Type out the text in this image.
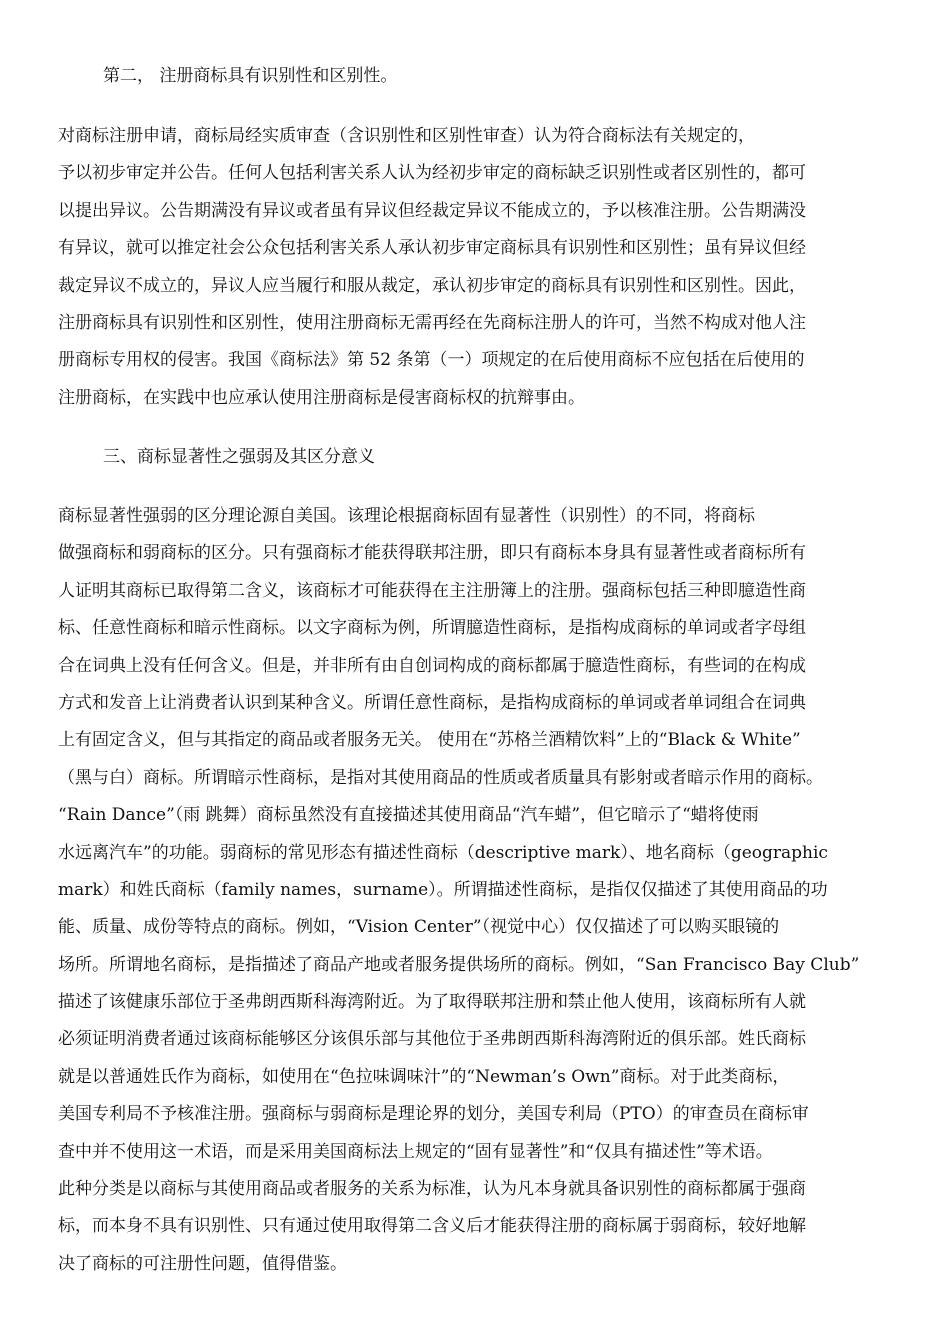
第二， 注册商标具有识别性和区别性。
对商标注册申请，商标局经实质审查（含识别性和区别性审查）认为符合商标法有关规定的，
予以初步审定并公告。任何人包括利害关系人认为经初步审定的商标缺乏识别性或者区别性的，都可
以提出异议。公告期满没有异议或者虽有异议但经裁定异议不能成立的，予以核准注册。公告期满没
有异议，就可以推定社会公众包括利害关系人承认初步审定商标具有识别性和区别性；虽有异议但经
裁定异议不成立的，异议人应当履行和服从裁定，承认初步审定的商标具有识别性和区别性。因此，
注册商标具有识别性和区别性，使用注册商标无需再经在先商标注册人的许可，当然不构成对他人注
册商标专用权的侵害。我国《商标法》第 52 条第（一）项规定的在后使用商标不应包括在后使用的
注册商标，在实践中也应承认使用注册商标是侵害商标权的抗辩事由。
三、商标显著性之强弱及其区分意义
商标显著性强弱的区分理论源自美国。该理论根据商标固有显著性（识别性）的不同，将商标
做强商标和弱商标的区分。只有强商标才能获得联邦注册，即只有商标本身具有显著性或者商标所有
人证明其商标已取得第二含义，该商标才可能获得在主注册簿上的注册。强商标包括三种即臆造性商
标、任意性商标和暗示性商标。以文字商标为例，所谓臆造性商标，是指构成商标的单词或者字母组
合在词典上没有任何含义。但是，并非所有由自创词构成的商标都属于臆造性商标，有些词的在构成
方式和发音上让消费者认识到某种含义。所谓任意性商标，是指构成商标的单词或者单词组合在词典
上有固定含义，但与其指定的商品或者服务无关。 使用在“苏格兰酒精饮料”上的“Black & White”
（黑与白）商标。所谓暗示性商标，是指对其使用商品的性质或者质量具有影射或者暗示作用的商标。
“Rain Dance”（雨 跳舞）商标虽然没有直接描述其使用商品“汽车蜡”，但它暗示了“蜡将使雨
水远离汽车”的功能。弱商标的常见形态有描述性商标（descriptive mark）、地名商标（geographic
mark）和姓氏商标（family names，surname）。所谓描述性商标，是指仅仅描述了其使用商品的功
能、质量、成份等特点的商标。例如，“Vision Center”（视觉中心）仅仅描述了可以购买眼镜的
场所。所谓地名商标，是指描述了商品产地或者服务提供场所的商标。例如，“San Francisco Bay Club”
描述了该健康乐部位于圣弗朗西斯科海湾附近。为了取得联邦注册和禁止他人使用，该商标所有人就
必须证明消费者通过该商标能够区分该俱乐部与其他位于圣弗朗西斯科海湾附近的俱乐部。姓氏商标
就是以普通姓氏作为商标，如使用在“色拉味调味汁”的“Newman’s Own”商标。对于此类商标，
美国专利局不予核准注册。强商标与弱商标是理论界的划分，美国专利局（PTO）的审查员在商标审
查中并不使用这一术语，而是采用美国商标法上规定的“固有显著性”和“仅具有描述性”等术语。
此种分类是以商标与其使用商品或者服务的关系为标准，认为凡本身就具备识别性的商标都属于强商
标，而本身不具有识别性、只有通过使用取得第二含义后才能获得注册的商标属于弱商标，较好地解
决了商标的可注册性问题，值得借鉴。
